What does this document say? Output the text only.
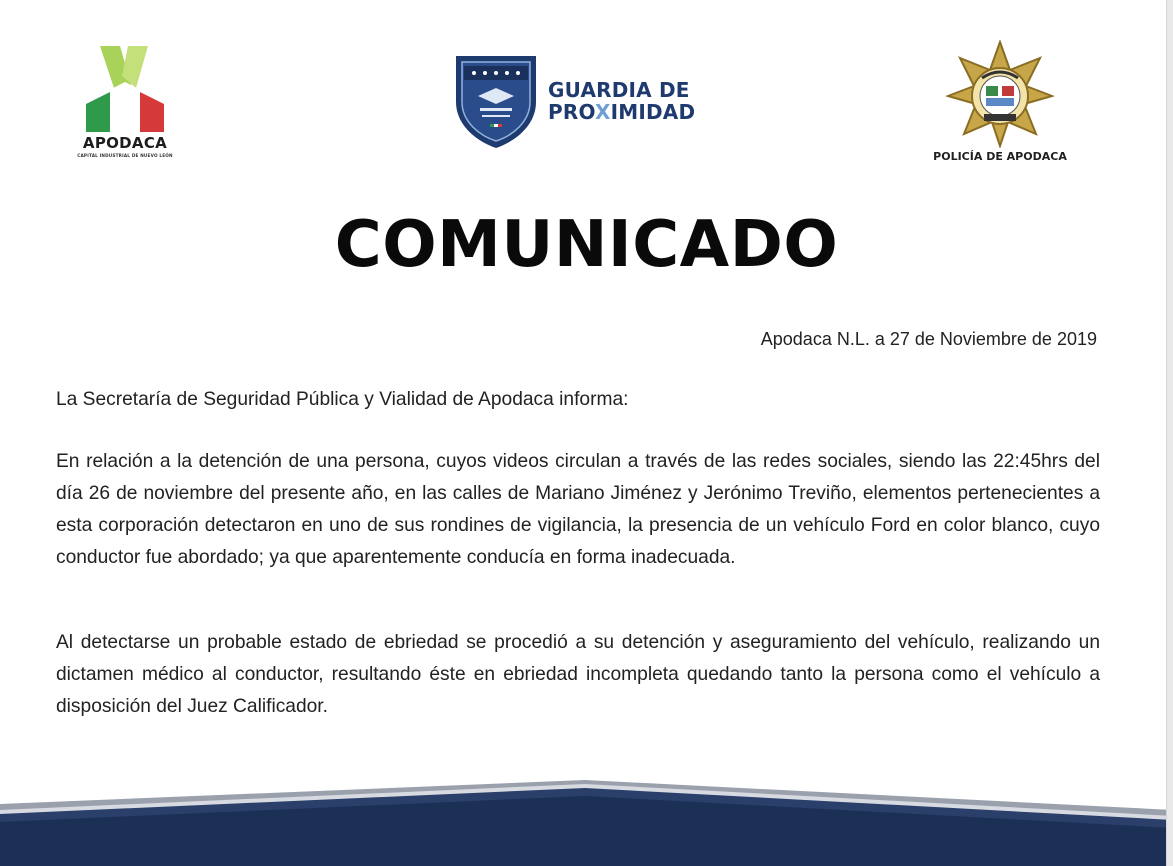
APODACA
CAPITAL INDUSTRIAL DE NUEVO LEÓN
GUARDIA DE
PROXIMIDAD
POLICÍA DE APODACA
COMUNICADO
Apodaca N.L. a 27 de Noviembre de 2019
La Secretaría de Seguridad Pública y Vialidad de Apodaca informa:
En relación a la detención de una persona, cuyos videos circulan a través de las redes sociales, siendo las 22:45hrs del día 26 de noviembre del presente año, en las calles de Mariano Jiménez y Jerónimo Treviño, elementos pertenecientes a esta corporación detectaron en uno de sus rondines de vigilancia, la presencia de un vehículo Ford en color blanco, cuyo conductor fue abordado; ya que aparentemente conducía en forma inadecuada.
Al detectarse un probable estado de ebriedad se procedió a su detención y aseguramiento del vehículo, realizando un dictamen médico al conductor, resultando éste en ebriedad incompleta quedando tanto la persona como el vehículo a disposición del Juez Calificador.
